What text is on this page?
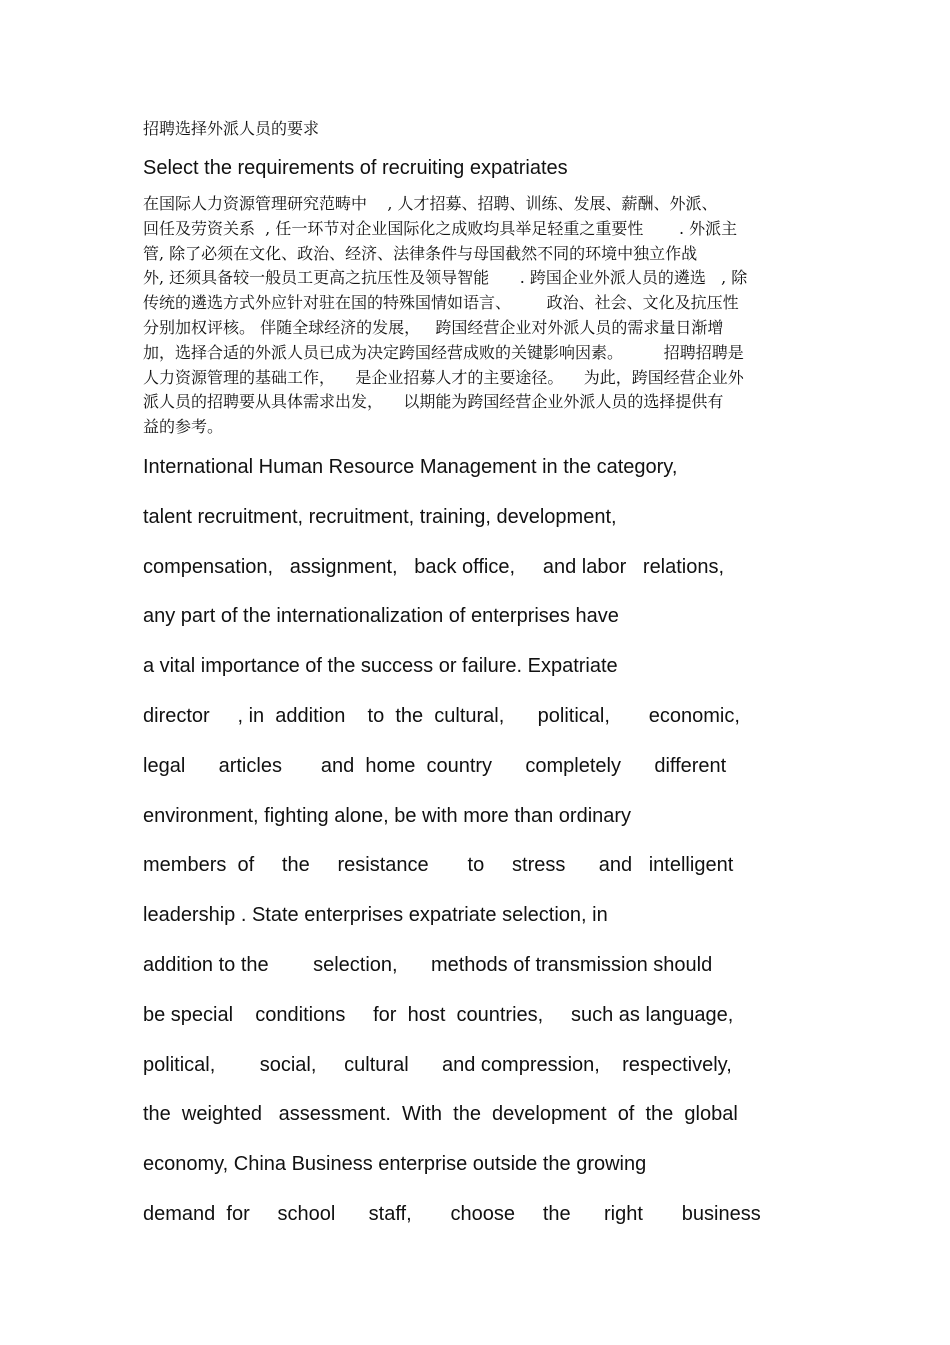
招聘选择外派人员的要求
Select the requirements of recruiting expatriates
在国际人力资源管理研究范畴中    , 人才招募、招聘、训练、发展、薪酬、外派、
回任及劳资关系  , 任一环节对企业国际化之成败均具举足轻重之重要性       . 外派主
管, 除了必须在文化、政治、经济、法律条件与母国截然不同的环境中独立作战
外, 还须具备较一般员工更高之抗压性及领导智能      . 跨国企业外派人员的遴选   , 除
传统的遴选方式外应针对驻在国的特殊国情如语言、       政治、社会、文化及抗压性
分别加权评核。 伴随全球经济的发展，   跨国经营企业对外派人员的需求量日渐增
加，选择合适的外派人员已成为决定跨国经营成败的关键影响因素。        招聘招聘是
人力资源管理的基础工作，    是企业招募人才的主要途径。    为此，跨国经营企业外
派人员的招聘要从具体需求出发，    以期能为跨国经营企业外派人员的选择提供有
益的参考。
International Human Resource Management in the category,
talent recruitment, recruitment, training, development,
compensation,   assignment,   back office,     and labor   relations,
any part of the internationalization of enterprises have
a vital importance of the success or failure. Expatriate
director     , in  addition    to  the  cultural,      political,       economic,
legal      articles       and  home  country      completely      different
environment, fighting alone, be with more than ordinary
members  of     the     resistance       to     stress      and   intelligent
leadership . State enterprises expatriate selection, in
addition to the        selection,      methods of transmission should
be special    conditions     for  host  countries,     such as language,
political,        social,     cultural      and compression,    respectively,
the  weighted   assessment.  With  the  development  of  the  global
economy, China Business enterprise outside the growing
demand  for     school      staff,       choose     the      right       business
